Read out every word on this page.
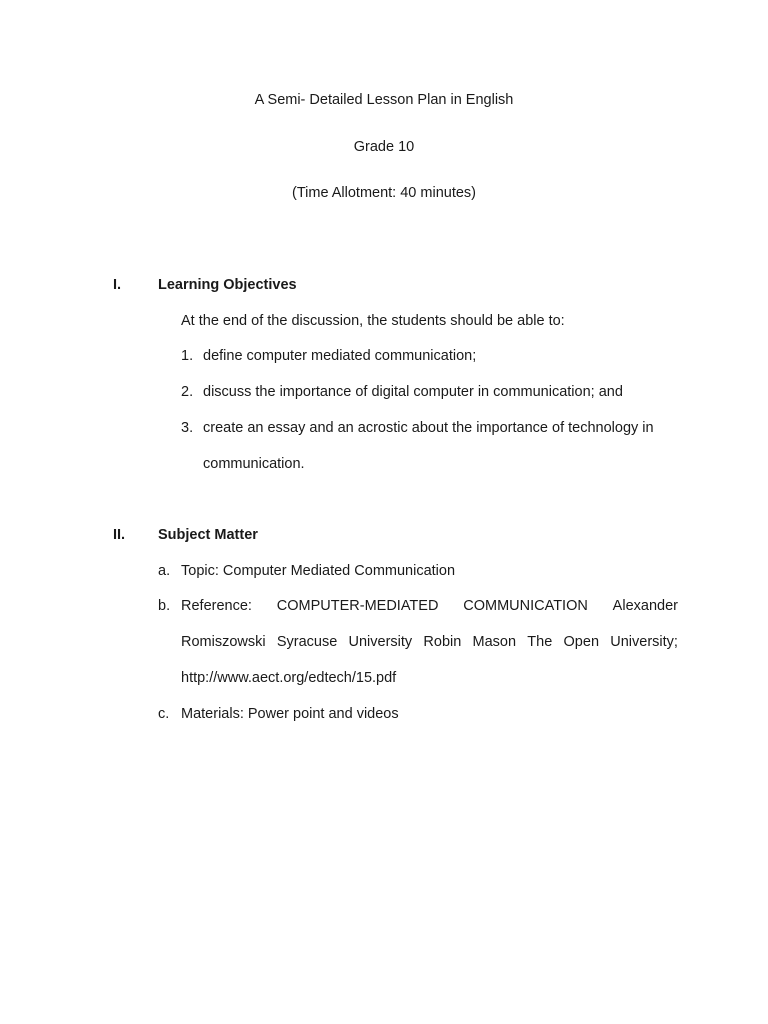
A Semi- Detailed Lesson Plan in English
Grade 10
(Time Allotment: 40 minutes)
I.	Learning Objectives
At the end of the discussion, the students should be able to:
1. define computer mediated communication;
2. discuss the importance of digital computer in communication; and
3. create an essay and an acrostic about the importance of technology in
communication.
II. Subject Matter
a. Topic: Computer Mediated Communication
b. Reference: COMPUTER-MEDIATED COMMUNICATION Alexander
Romiszowski Syracuse University Robin Mason The Open University;
http://www.aect.org/edtech/15.pdf
c. Materials: Power point and videos
